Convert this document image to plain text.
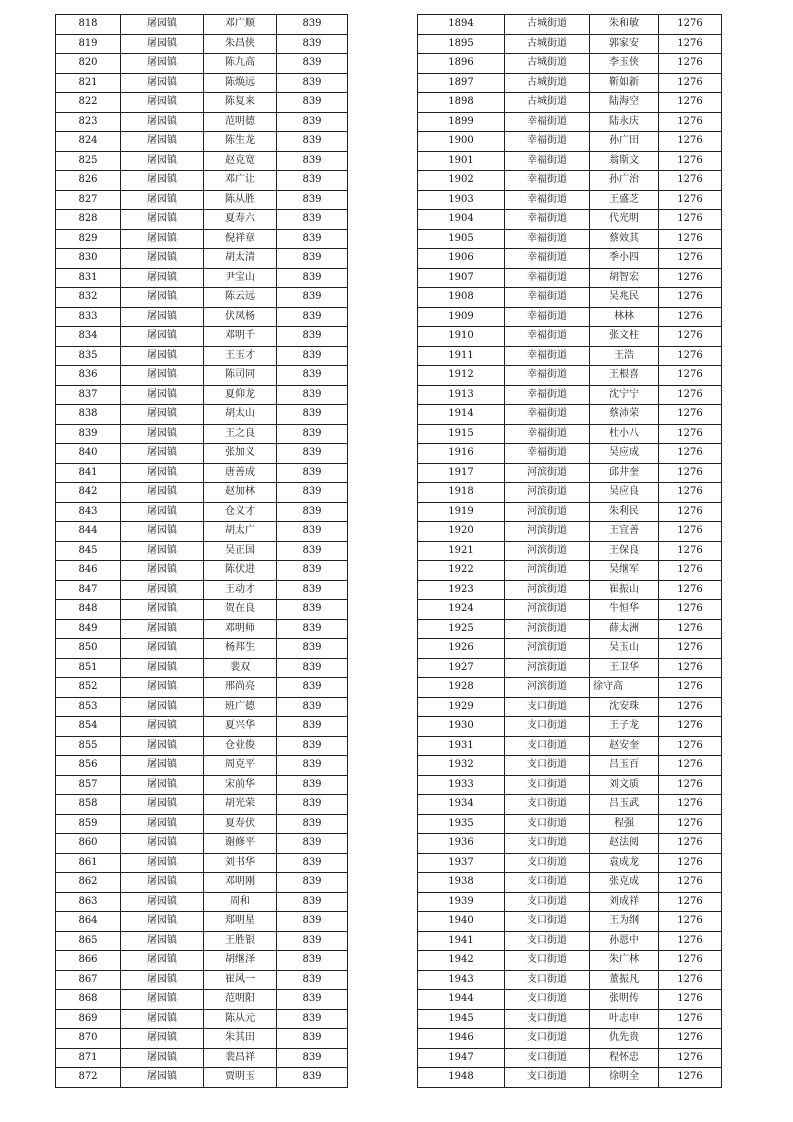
818	屠园镇	邓广顺	839
819	屠园镇	朱昌侠	839
820	屠园镇	陈九高	839
821	屠园镇	陈焕远	839
822	屠园镇	陈复来	839
823	屠园镇	范明德	839
824	屠园镇	陈生龙	839
825	屠园镇	赵克宽	839
826	屠园镇	邓广让	839
827	屠园镇	陈从胜	839
828	屠园镇	夏寿六	839
829	屠园镇	倪祥章	839
830	屠园镇	胡太清	839
831	屠园镇	尹宝山	839
832	屠园镇	陈云远	839
833	屠园镇	伏凤杨	839
834	屠园镇	邓明千	839
835	屠园镇	王玉才	839
836	屠园镇	陈司同	839
837	屠园镇	夏仰龙	839
838	屠园镇	胡太山	839
839	屠园镇	王之良	839
840	屠园镇	张加义	839
841	屠园镇	唐善成	839
842	屠园镇	赵加林	839
843	屠园镇	仓义才	839
844	屠园镇	胡太广	839
845	屠园镇	吴正国	839
846	屠园镇	陈伏进	839
847	屠园镇	王动才	839
848	屠园镇	贺在良	839
849	屠园镇	邓明师	839
850	屠园镇	杨邦生	839
851	屠园镇	裴双	839
852	屠园镇	邢尚亮	839
853	屠园镇	班广德	839
854	屠园镇	夏兴华	839
855	屠园镇	仓业俊	839
856	屠园镇	周克平	839
857	屠园镇	宋前华	839
858	屠园镇	胡光荣	839
859	屠园镇	夏寿伏	839
860	屠园镇	谢修平	839
861	屠园镇	刘书华	839
862	屠园镇	邓明刚	839
863	屠园镇	周和	839
864	屠园镇	郑明星	839
865	屠园镇	王胜银	839
866	屠园镇	胡继泽	839
867	屠园镇	崔风一	839
868	屠园镇	范明阳	839
869	屠园镇	陈从元	839
870	屠园镇	朱其田	839
871	屠园镇	裴昌祥	839
872	屠园镇	贾明玉	839
1894	古城街道	朱和敏	1276
1895	古城街道	郭家安	1276
1896	古城街道	李玉侠	1276
1897	古城街道	靳如新	1276
1898	古城街道	陆海空	1276
1899	幸福街道	陆永庆	1276
1900	幸福街道	孙广田	1276
1901	幸福街道	翁斯文	1276
1902	幸福街道	孙广治	1276
1903	幸福街道	王盛芝	1276
1904	幸福街道	代光明	1276
1905	幸福街道	蔡效其	1276
1906	幸福街道	季小四	1276
1907	幸福街道	胡智宏	1276
1908	幸福街道	吴兆民	1276
1909	幸福街道	林林	1276
1910	幸福街道	张文柱	1276
1911	幸福街道	王浩	1276
1912	幸福街道	王根喜	1276
1913	幸福街道	沈宁宁	1276
1914	幸福街道	蔡沛荣	1276
1915	幸福街道	杜小八	1276
1916	幸福街道	吴应成	1276
1917	河滨街道	邱井奎	1276
1918	河滨街道	吴应良	1276
1919	河滨街道	朱利民	1276
1920	河滨街道	王宜善	1276
1921	河滨街道	王保良	1276
1922	河滨街道	吴继军	1276
1923	河滨街道	崔振山	1276
1924	河滨街道	牛恒华	1276
1925	河滨街道	薛太洲	1276
1926	河滨街道	吴玉山	1276
1927	河滨街道	王卫华	1276
1928	河滨街道	徐守高	1276
1929	支口街道	沈安珠	1276
1930	支口街道	王子龙	1276
1931	支口街道	赵安奎	1276
1932	支口街道	吕玉百	1276
1933	支口街道	刘文质	1276
1934	支口街道	吕玉武	1276
1935	支口街道	程强	1276
1936	支口街道	赵法阅	1276
1937	支口街道	袁成龙	1276
1938	支口街道	张克成	1276
1939	支口街道	刘成祥	1276
1940	支口街道	王为纲	1276
1941	支口街道	孙恩中	1276
1942	支口街道	朱广林	1276
1943	支口街道	董振凡	1276
1944	支口街道	张明传	1276
1945	支口街道	叶志申	1276
1946	支口街道	仇先贵	1276
1947	支口街道	程怀忠	1276
1948	支口街道	徐明全	1276
